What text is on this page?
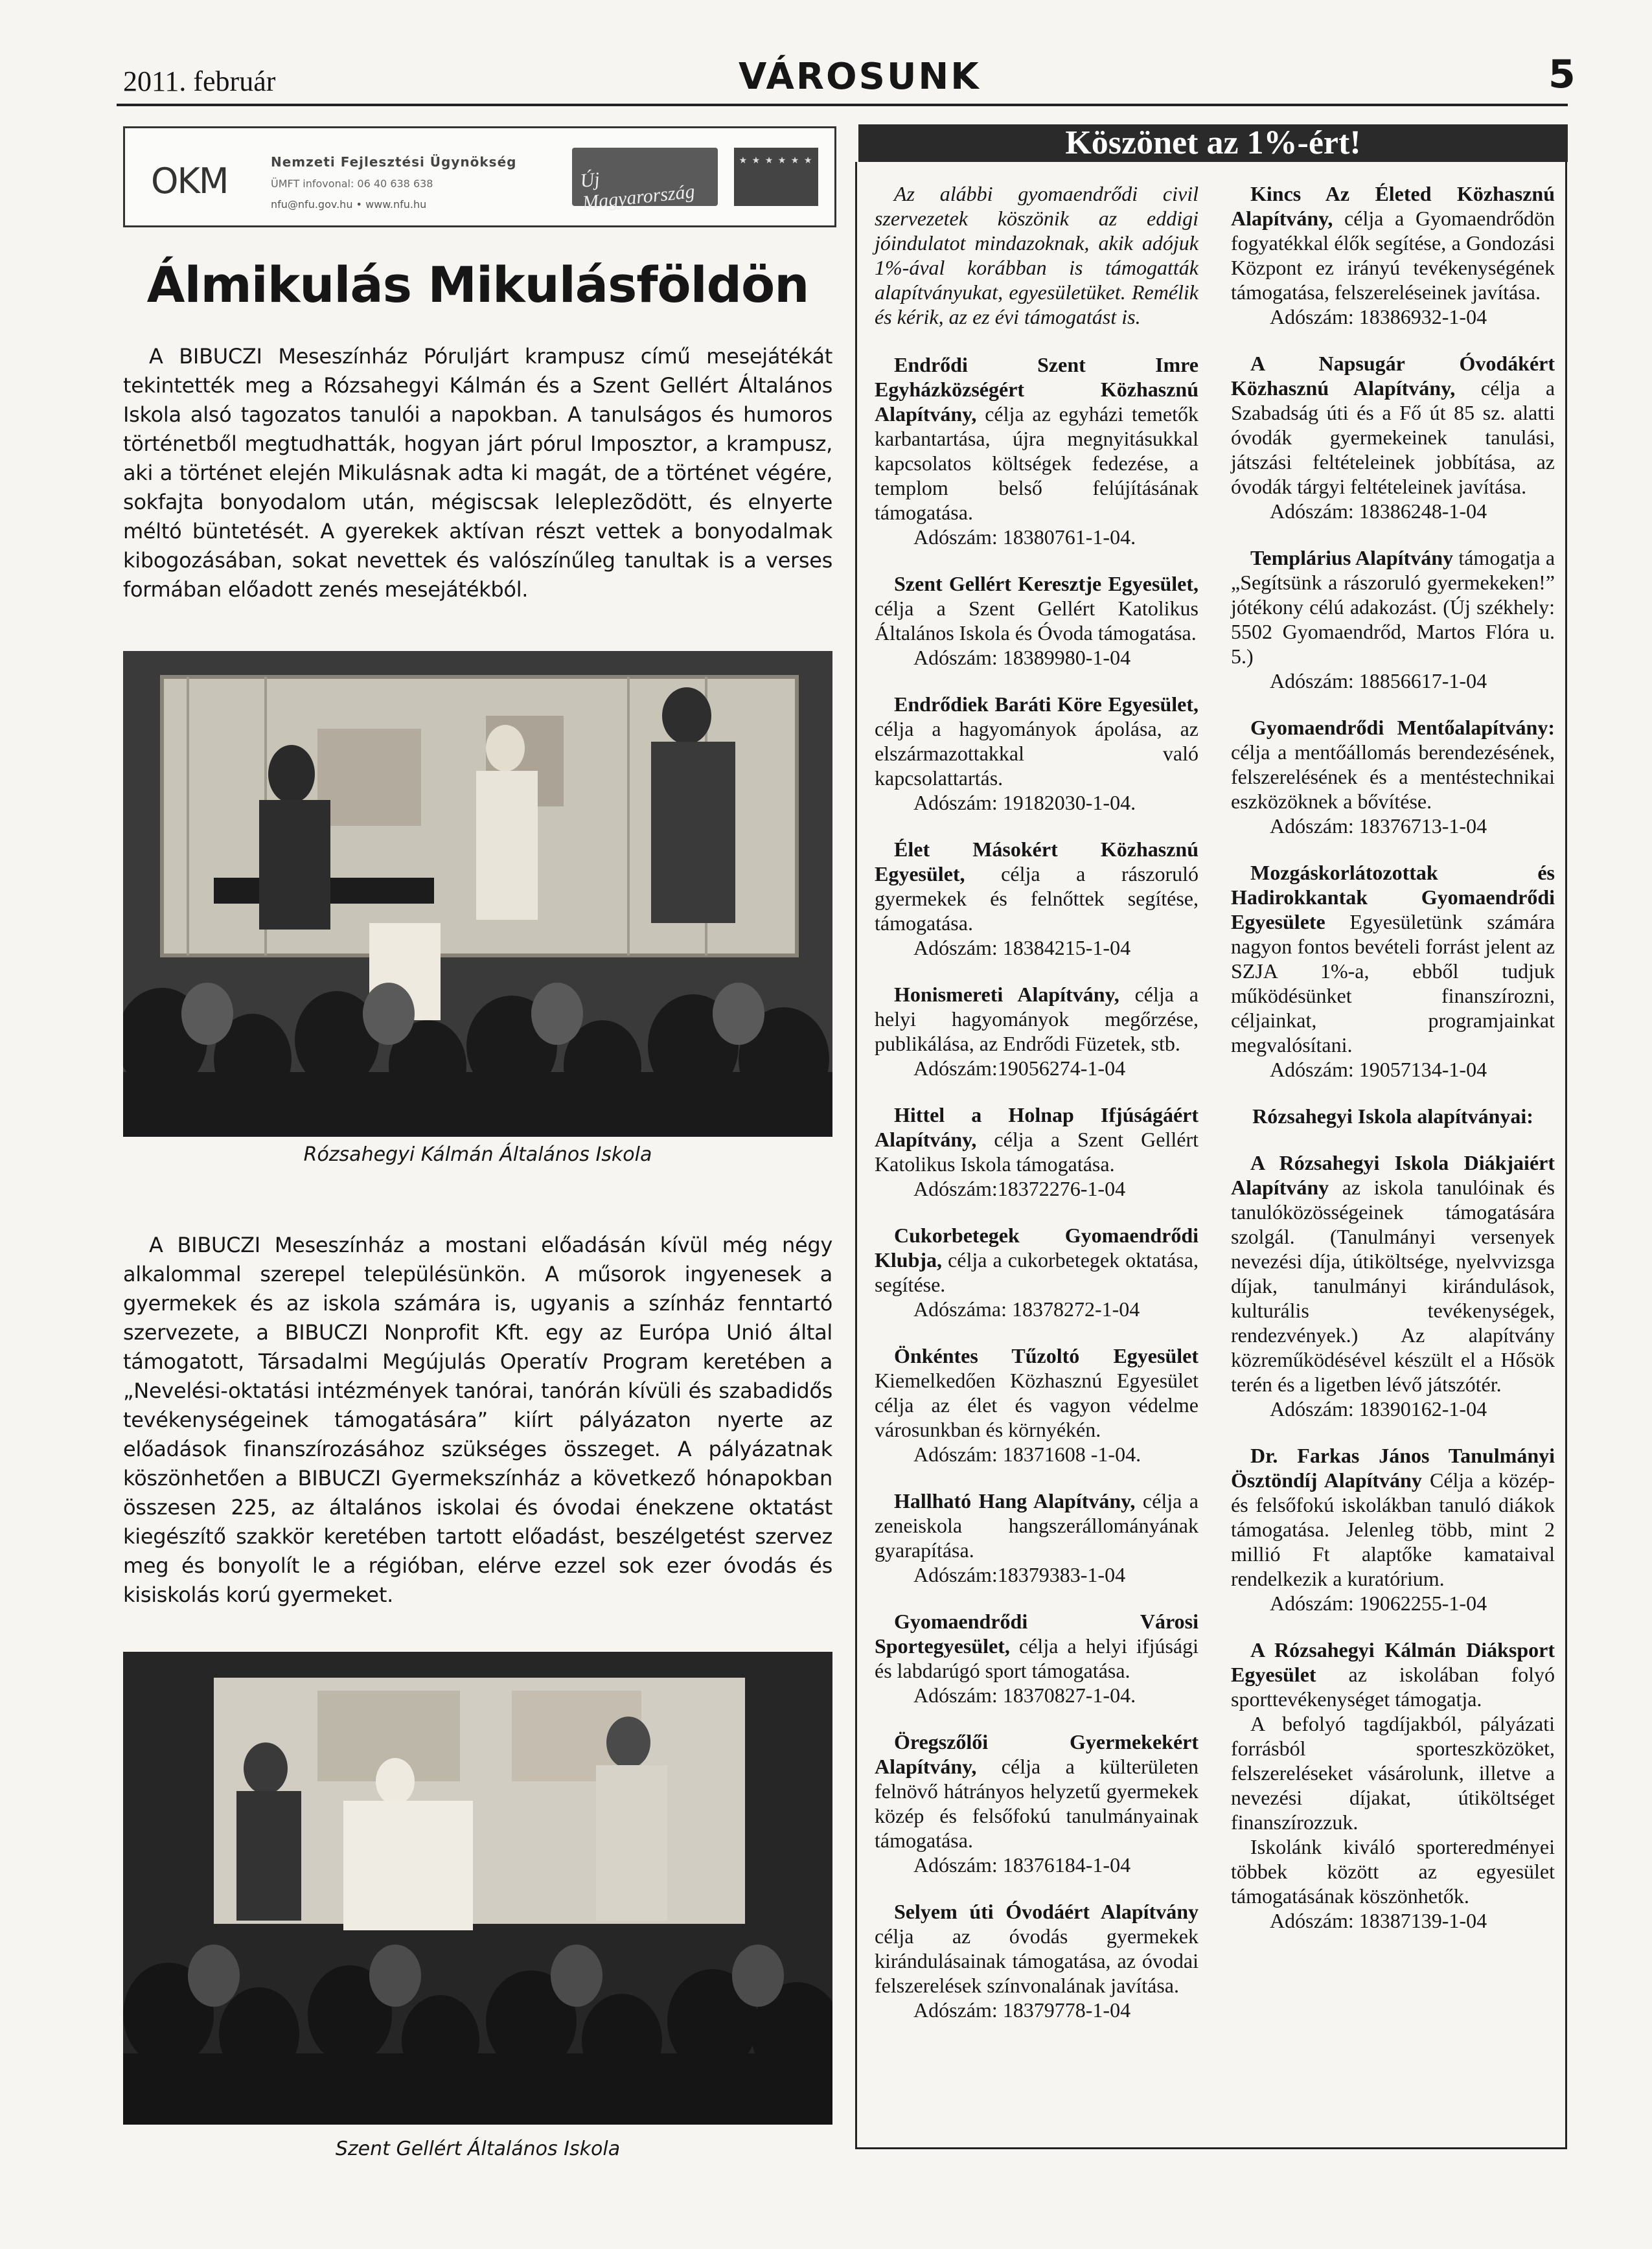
2011. február	VÁROSUNK	5
OKM	Nemzeti Fejlesztési Ügynökség
ÜMFT infovonal: 06 40 638 638
nfu@nfu.gov.hu • www.nfu.hu
Új Magyarország
★ ★ ★ ★ ★ ★
Álmikulás Mikulásföldön

A BIBUCZI Meseszínház Póruljárt krampusz című mesejátékát tekintették meg a Rózsahegyi Kálmán és a Szent Gellért Általános Iskola alsó tagozatos tanulói a napokban. A tanulságos és humoros történetből megtudhatták, hogyan járt pórul Imposztor, a krampusz, aki a történet elején Mikulásnak adta ki magát, de a történet végére, sokfajta bonyodalom után, mégiscsak leleplezõdött, és elnyerte méltó büntetését. A gyerekek aktívan részt vettek a bonyodalmak kibogozásában, sokat nevettek és valószínűleg tanultak is a verses formában előadott zenés mesejátékból.

Rózsahegyi Kálmán Általános Iskola

A BIBUCZI Meseszínház a mostani előadásán kívül még négy alkalommal szerepel településünkön. A műsorok ingyenesek a gyermekek és az iskola számára is, ugyanis a színház fenntartó szervezete, a BIBUCZI Nonprofit Kft. egy az Európa Unió által támogatott, Társadalmi Megújulás Operatív Program keretében a „Nevelési-oktatási intézmények tanórai, tanórán kívüli és szabadidős tevékenységeinek támogatására” kiírt pályázaton nyerte az előadások finanszírozásához szükséges összeget. A pályázatnak köszönhetően a BIBUCZI Gyermekszínház a következő hónapokban összesen 225, az általános iskolai és óvodai énekzene oktatást kiegészítő szakkör keretében tartott előadást, beszélgetést szervez meg és bonyolít le a régióban, elérve ezzel sok ezer óvodás és kisiskolás korú gyermeket.

Szent Gellért Általános Iskola
Köszönet az 1%-ért!

Az alábbi gyomaendrődi civil szervezetek köszönik az eddigi jóindulatot mindazoknak, akik adójuk 1%-ával korábban is támogatták alapítványukat, egyesületüket. Remélik és kérik, az ez évi támogatást is.

Endrődi Szent Imre Egyházközségért Közhasznú Alapítvány, célja az egyházi temetők karbantartása, újra megnyitásukkal kapcsolatos költségek fedezése, a templom belső felújításának támogatása.

Adószám: 18380761-1-04.

Szent Gellért Keresztje Egyesület, célja a Szent Gellért Katolikus Általános Iskola és Óvoda támogatása.

Adószám: 18389980-1-04

Endrődiek Baráti Köre Egyesület, célja a hagyományok ápolása, az elszármazottakkal való kapcsolattartás.

Adószám: 19182030-1-04.

Élet Másokért Közhasznú Egyesület, célja a rászoruló gyermekek és felnőttek segítése, támogatása.

Adószám: 18384215-1-04

Honismereti Alapítvány, célja a helyi hagyományok megőrzése, publikálása, az Endrődi Füzetek, stb.

Adószám:19056274-1-04

Hittel a Holnap Ifjúságáért Alapítvány, célja a Szent Gellért Katolikus Iskola támogatása.

Adószám:18372276-1-04

Cukorbetegek Gyomaendrődi Klubja, célja a cukorbetegek oktatása, segítése.

Adószáma: 18378272-1-04

Önkéntes Tűzoltó Egyesület Kiemelkedően Közhasznú Egyesület célja az élet és vagyon védelme városunkban és környékén.

Adószám: 18371608 -1-04.

Hallható Hang Alapítvány, célja a zeneiskola hangszerállományának gyarapítása.

Adószám:18379383-1-04

Gyomaendrődi Városi Sportegyesület, célja a helyi ifjúsági és labdarúgó sport támogatása.

Adószám: 18370827-1-04.

Öregszőlői Gyermekekért Alapítvány, célja a külterületen felnövő hátrányos helyzetű gyermekek közép és felsőfokú tanulmányainak támogatása.

Adószám: 18376184-1-04

Selyem úti Óvodáért Alapítvány célja az óvodás gyermekek kirándulásainak támogatása, az óvodai felszerelések színvonalának javítása.

Adószám: 18379778-1-04

Kincs Az Életed Közhasznú Alapítvány, célja a Gyomaendrődön fogyatékkal élők segítése, a Gondozási Központ ez irányú tevékenységének támogatása, felszereléseinek javítása.

Adószám: 18386932-1-04

A Napsugár Óvodákért Közhasznú Alapítvány, célja a Szabadság úti és a Fő út 85 sz. alatti óvodák gyermekeinek tanulási, játszási feltételeinek jobbítása, az óvodák tárgyi feltételeinek javítása.

Adószám: 18386248-1-04

Templárius Alapítvány támogatja a „Segítsünk a rászoruló gyermekeken!” jótékony célú adakozást. (Új székhely: 5502 Gyomaendrőd, Martos Flóra u. 5.)

Adószám: 18856617-1-04

Gyomaendrődi Mentőalapítvány: célja a mentőállomás berendezésének, felszerelésének és a mentéstechnikai eszközöknek a bővítése.

Adószám: 18376713-1-04

Mozgáskorlátozottak és Hadirokkantak Gyomaendrődi Egyesülete Egyesületünk számára nagyon fontos bevételi forrást jelent az SZJA 1%-a, ebből tudjuk működésünket finanszírozni, céljainkat, programjainkat megvalósítani.

Adószám: 19057134-1-04

Rózsahegyi Iskola alapítványai:

A Rózsahegyi Iskola Diákjaiért Alapítvány az iskola tanulóinak és tanulóközösségeinek támogatására szolgál. (Tanulmányi versenyek nevezési díja, útiköltsége, nyelvvizsga díjak, tanulmányi kirándulások, kulturális tevékenységek, rendezvények.) Az alapítvány közreműködésével készült el a Hősök terén és a ligetben lévő játszótér.

Adószám: 18390162-1-04

Dr. Farkas János Tanulmányi Ösztöndíj Alapítvány Célja a közép- és felsőfokú iskolákban tanuló diákok támogatása. Jelenleg több, mint 2 millió Ft alaptőke kamataival rendelkezik a kuratórium.

Adószám: 19062255-1-04

A Rózsahegyi Kálmán Diáksport Egyesület az iskolában folyó sporttevékenységet támogatja.

A befolyó tagdíjakból, pályázati forrásból sporteszközöket, felszereléseket vásárolunk, illetve a nevezési díjakat, útiköltséget finanszírozzuk.

Iskolánk kiváló sporteredményei többek között az egyesület támogatásának köszönhetők.

Adószám: 18387139-1-04
